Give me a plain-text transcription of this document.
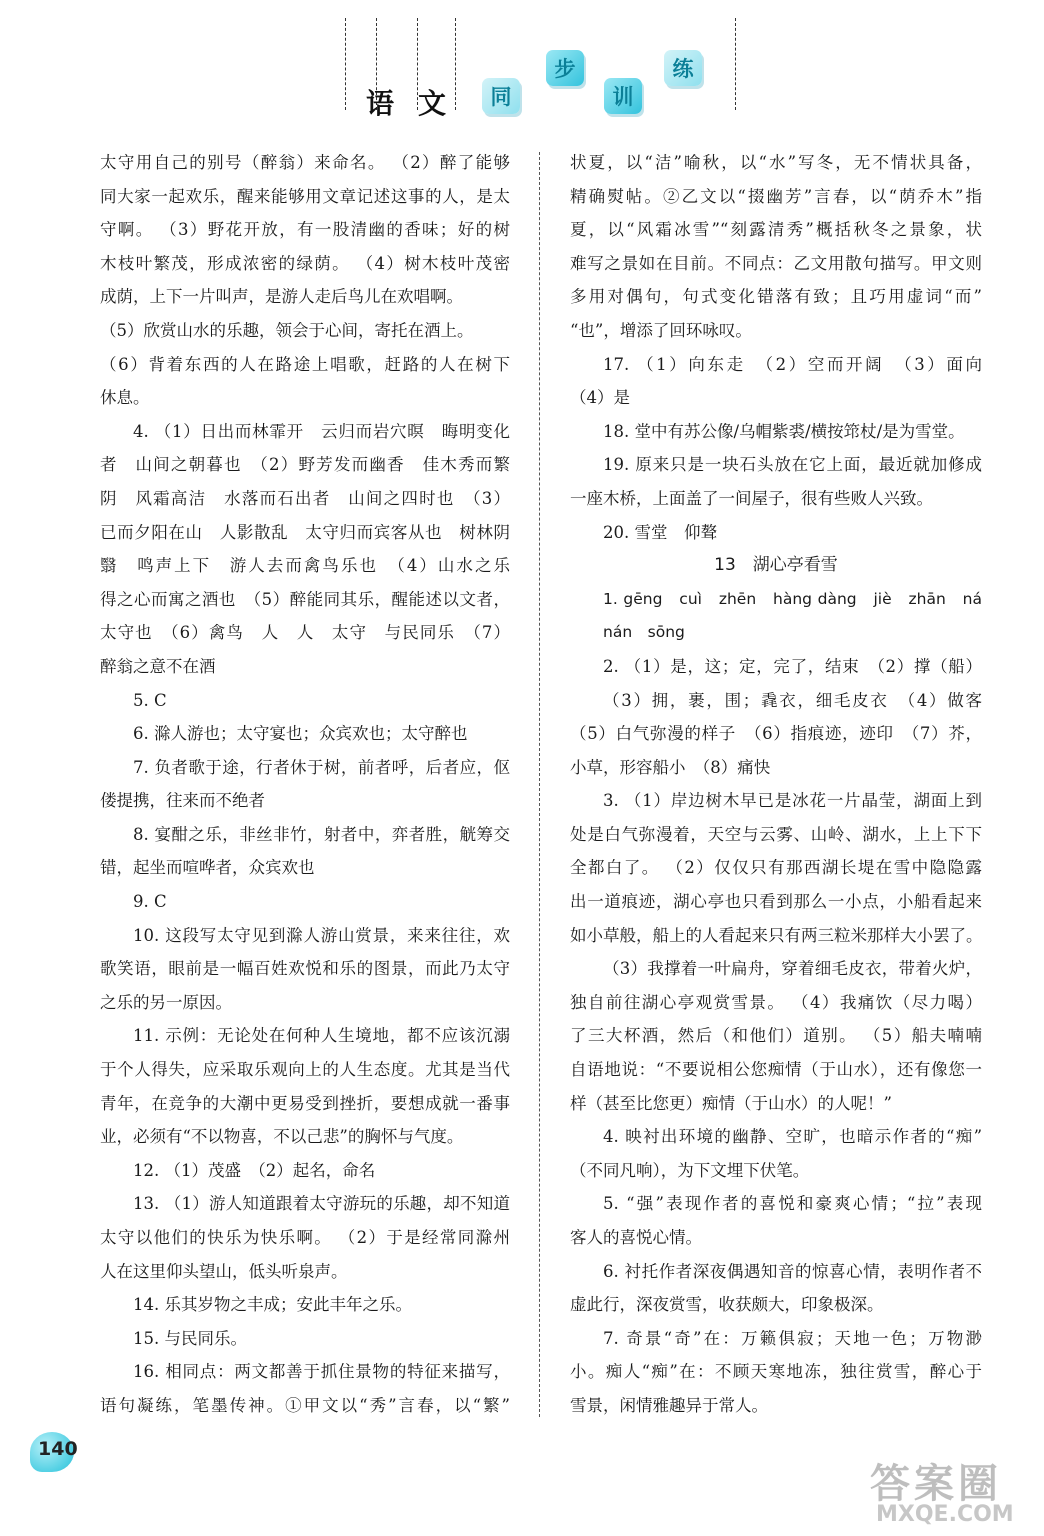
语 文	同
步
训
练
太守用自己的别号（醉翁）来命名。 （2）醉了能够
同大家一起欢乐，醒来能够用文章记述这事的人，是太
守啊。 （3）野花开放，有一股清幽的香味；好的树
木枝叶繁茂，形成浓密的绿荫。 （4）树木枝叶茂密
成荫，上下一片叫声，是游人走后鸟儿在欢唱啊。
（5）欣赏山水的乐趣，领会于心间，寄托在酒上。
（6）背着东西的人在路途上唱歌，赶路的人在树下
休息。
4. （1）日出而林霏开　云归而岩穴暝　晦明变化
者　山间之朝暮也　（2）野芳发而幽香　佳木秀而繁
阴　风霜高洁　水落而石出者　山间之四时也　（3）
已而夕阳在山　人影散乱　太守归而宾客从也　树林阴
翳　鸣声上下　游人去而禽鸟乐也　（4）山水之乐
得之心而寓之酒也　（5）醉能同其乐，醒能述以文者，
太守也　（6）禽鸟　人　人　太守　与民同乐　（7）
醉翁之意不在酒
5. C
6. 滁人游也；太守宴也；众宾欢也；太守醉也
7. 负者歌于途，行者休于树，前者呼，后者应，伛
偻提携，往来而不绝者
8. 宴酣之乐，非丝非竹，射者中，弈者胜，觥筹交
错，起坐而喧哗者，众宾欢也
9. C
10. 这段写太守见到滁人游山赏景，来来往往，欢
歌笑语，眼前是一幅百姓欢悦和乐的图景，而此乃太守
之乐的另一原因。
11. 示例：无论处在何种人生境地，都不应该沉溺
于个人得失，应采取乐观向上的人生态度。尤其是当代
青年，在竞争的大潮中更易受到挫折，要想成就一番事
业，必须有“不以物喜，不以己悲”的胸怀与气度。
12. （1）茂盛　（2）起名，命名
13. （1）游人知道跟着太守游玩的乐趣，却不知道
太守以他们的快乐为快乐啊。 （2）于是经常同滁州
人在这里仰头望山，低头听泉声。
14. 乐其岁物之丰成；安此丰年之乐。
15. 与民同乐。
16. 相同点：两文都善于抓住景物的特征来描写，
语句凝练，笔墨传神。①甲文以“秀”言春，以“繁”
状夏，以“洁”喻秋，以“水”写冬，无不情状具备，
精确熨帖。②乙文以“掇幽芳”言春，以“荫乔木”指
夏，以“风霜冰雪”“刻露清秀”概括秋冬之景象，状
难写之景如在目前。不同点：乙文用散句描写。甲文则
多用对偶句，句式变化错落有致；且巧用虚词“而”
“也”，增添了回环咏叹。
17. （1）向东走　（2）空而开阔　（3）面向
（4）是
18. 堂中有苏公像/乌帽紫裘/横按筇杖/是为雪堂。
19. 原来只是一块石头放在它上面，最近就加修成
一座木桥，上面盖了一间屋子，很有些败人兴致。
20. 雪堂　仰聱
13　湖心亭看雪
1. gēng　cuì　zhēn　hàng dàng　jiè　zhān　ná
nán　sōng
2. （1）是，这；定，完了，结束　（2）撑（船）
（3）拥，裹，围；毳衣，细毛皮衣　（4）做客
（5）白气弥漫的样子　（6）指痕迹，迹印　（7）芥，
小草，形容船小　（8）痛快
3. （1）岸边树木早已是冰花一片晶莹，湖面上到
处是白气弥漫着，天空与云雾、山岭、湖水，上上下下
全都白了。 （2）仅仅只有那西湖长堤在雪中隐隐露
出一道痕迹，湖心亭也只看到那么一小点，小船看起来
如小草般，船上的人看起来只有两三粒米那样大小罢了。
（3）我撑着一叶扁舟，穿着细毛皮衣，带着火炉，
独自前往湖心亭观赏雪景。 （4）我痛饮（尽力喝）
了三大杯酒，然后（和他们）道别。 （5）船夫喃喃
自语地说：“不要说相公您痴情（于山水），还有像您一
样（甚至比您更）痴情（于山水）的人呢！”
4. 映衬出环境的幽静、空旷，也暗示作者的“痴”
（不同凡响），为下文埋下伏笔。
5. “强”表现作者的喜悦和豪爽心情；“拉”表现
客人的喜悦心情。
6. 衬托作者深夜偶遇知音的惊喜心情，表明作者不
虚此行，深夜赏雪，收获颇大，印象极深。
7. 奇景“奇”在：万籁俱寂；天地一色；万物渺
小。痴人“痴”在：不顾天寒地冻，独往赏雪，醉心于
雪景，闲情雅趣异于常人。
140
答案圈
MXQE.COM
